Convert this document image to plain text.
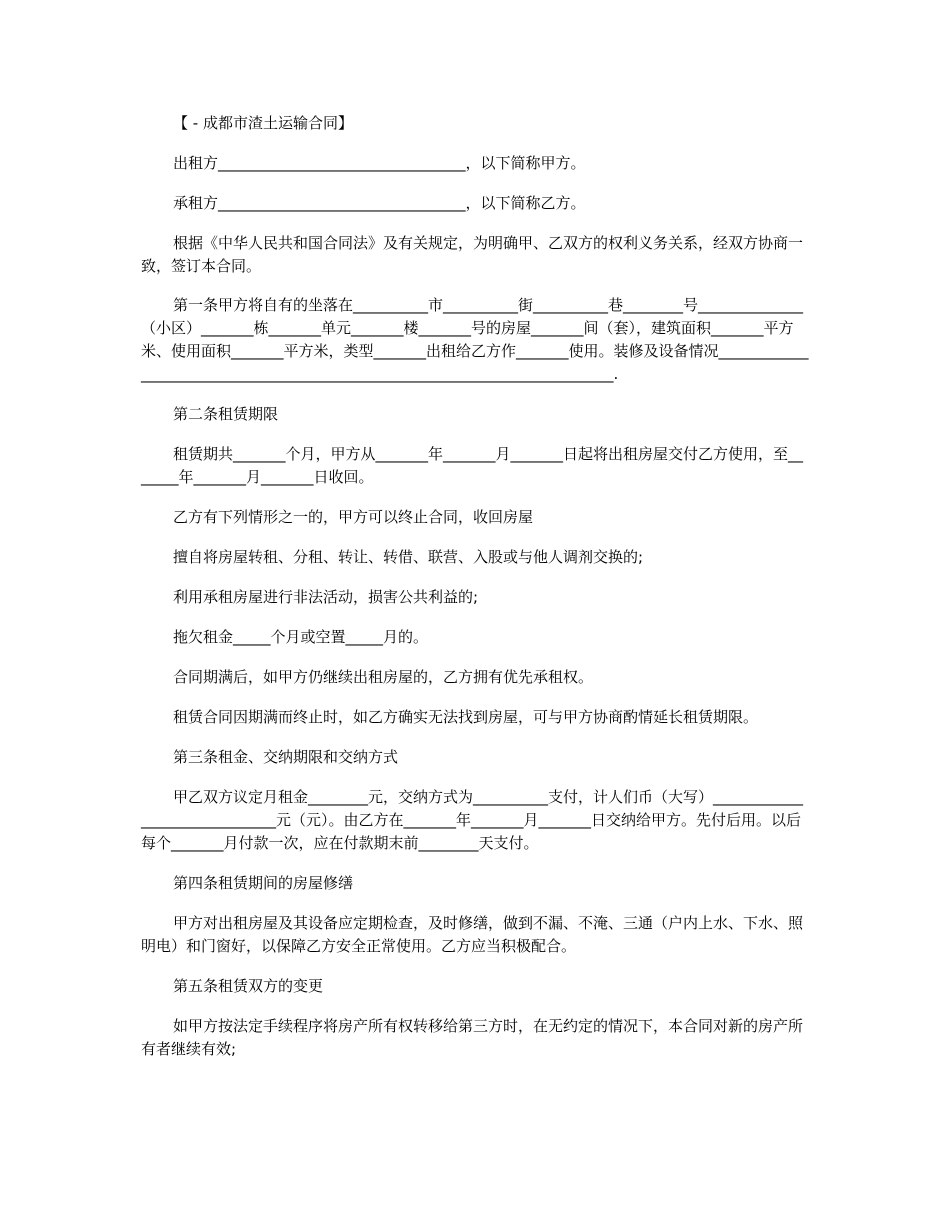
【 - 成都市渣土运输合同】

出租方_________________________________，以下简称甲方。

承租方_________________________________，以下简称乙方。

根据《中华人民共和国合同法》及有关规定，为明确甲、乙双方的权利义务关系，经双方协商一致，签订本合同。

第一条甲方将自有的坐落在__________市__________街__________巷________号______________（小区）_______栋_______单元_______楼_______号的房屋_______间（套），建筑面积_______平方米、使用面积_______平方米，类型_______出租给乙方作_______使用。装修及设备情况___________________________________________________________________________.

第二条租赁期限

租赁期共_______个月，甲方从_______年_______月_______日起将出租房屋交付乙方使用，至_______年_______月_______日收回。

乙方有下列情形之一的，甲方可以终止合同，收回房屋

擅自将房屋转租、分租、转让、转借、联营、入股或与他人调剂交换的;

利用承租房屋进行非法活动，损害公共利益的;

拖欠租金_____个月或空置_____月的。

合同期满后，如甲方仍继续出租房屋的，乙方拥有优先承租权。

租赁合同因期满而终止时，如乙方确实无法找到房屋，可与甲方协商酌情延长租赁期限。

第三条租金、交纳期限和交纳方式

甲乙双方议定月租金________元，交纳方式为__________支付，计人们币（大写）______________________________元（元）。由乙方在_______年_______月_______日交纳给甲方。先付后用。以后每个_______月付款一次，应在付款期末前________天支付。

第四条租赁期间的房屋修缮

甲方对出租房屋及其设备应定期检查，及时修缮，做到不漏、不淹、三通（户内上水、下水、照明电）和门窗好，以保障乙方安全正常使用。乙方应当积极配合。

第五条租赁双方的变更

如甲方按法定手续程序将房产所有权转移给第三方时，在无约定的情况下，本合同对新的房产所有者继续有效;
